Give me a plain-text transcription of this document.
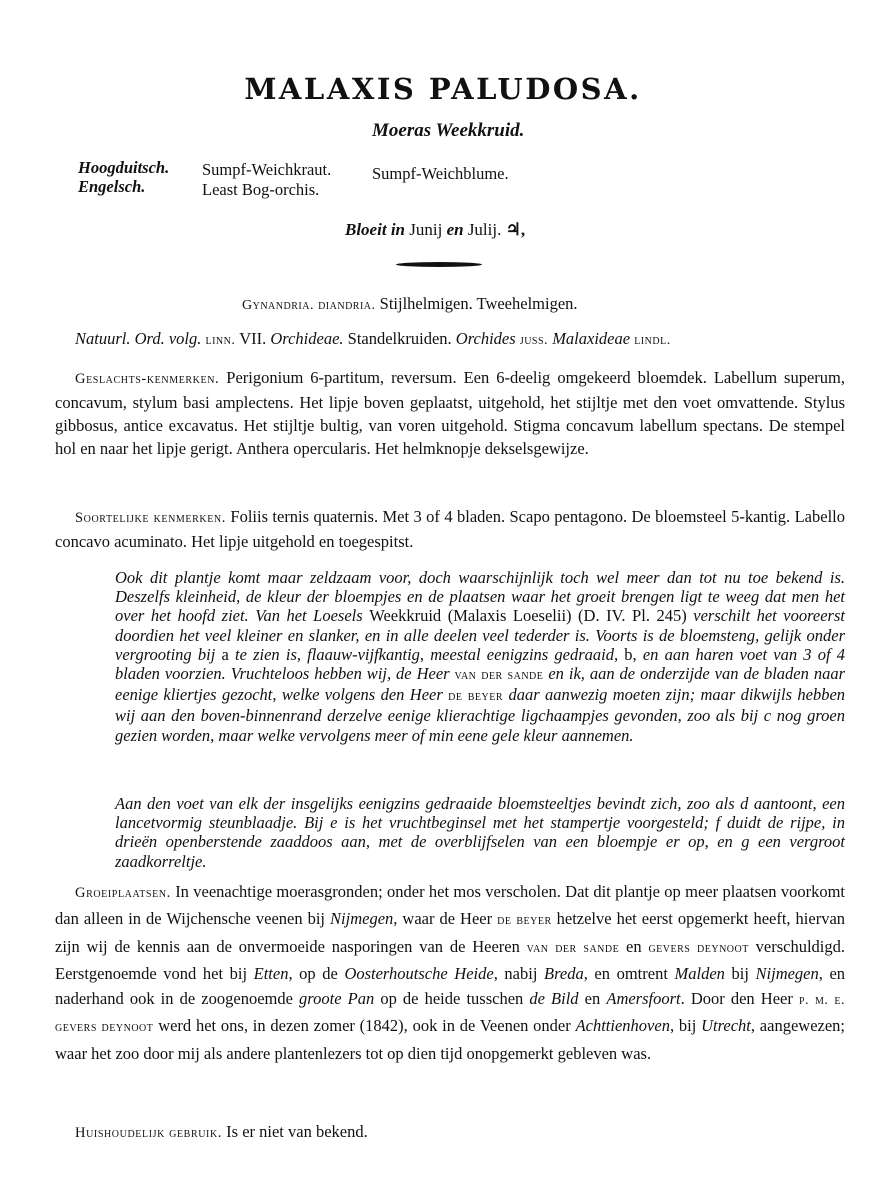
MALAXIS PALUDOSA.
Moeras Weekkruid.
Hoogduitsch. Sumpf-Weichkraut. Sumpf-Weichblume.
Engelsch.	Least Bog-orchis.
Bloeit in Junij en Julij. ♃,
Gynandria. diandria. Stijlhelmigen. Tweehelmigen.
Natuurl. Ord. volg. linn. VII. Orchideae. Standelkruiden. Orchides juss. Malaxideae lindl.

Geslachts-kenmerken. Perigonium 6-partitum, reversum. Een 6-deelig omgekeerd bloemdek. Labellum superum, concavum, stylum basi amplectens. Het lipje boven geplaatst, uitgehold, het stijltje met den voet omvattende. Stylus gibbosus, antice excavatus. Het stijltje bultig, van voren uitgehold. Stigma concavum labellum spectans. De stempel hol en naar het lipje gerigt. Anthera opercularis. Het helmknopje dekselsgewijze.

Soortelijke kenmerken. Foliis ternis quaternis. Met 3 of 4 bladen. Scapo pentagono. De bloemsteel 5-kantig. Labello concavo acuminato. Het lipje uitgehold en toegespitst.

Ook dit plantje komt maar zeldzaam voor, doch waarschijnlijk toch wel meer dan tot nu toe bekend is. Deszelfs kleinheid, de kleur der bloempjes en de plaatsen waar het groeit brengen ligt te weeg dat men het over het hoofd ziet. Van het Loesels Weekkruid (Malaxis Loeselii) (D. IV. Pl. 245) verschilt het vooreerst doordien het veel kleiner en slanker, en in alle deelen veel tederder is. Voorts is de bloemsteng, gelijk onder vergrooting bij a te zien is, flaauw-vijfkantig, meestal eenigzins gedraaid, b, en aan haren voet van 3 of 4 bladen voorzien. Vruchteloos hebben wij, de Heer van der sande en ik, aan de onderzijde van de bladen naar eenige kliertjes gezocht, welke volgens den Heer de beyer daar aanwezig moeten zijn; maar dikwijls hebben wij aan den boven-binnenrand derzelve eenige klierachtige ligchaampjes gevonden, zoo als bij c nog groen gezien worden, maar welke vervolgens meer of min eene gele kleur aannemen.

Aan den voet van elk der insgelijks eenigzins gedraaide bloemsteeltjes bevindt zich, zoo als d aantoont, een lancetvormig steunblaadje. Bij e is het vruchtbeginsel met het stampertje voorgesteld; f duidt de rijpe, in drieën openberstende zaaddoos aan, met de overblijfselen van een bloempje er op, en g een vergroot zaadkorreltje.

Groeiplaatsen. In veenachtige moerasgronden; onder het mos verscholen. Dat dit plantje op meer plaatsen voorkomt dan alleen in de Wijchensche veenen bij Nijmegen, waar de Heer de beyer hetzelve het eerst opgemerkt heeft, hiervan zijn wij de kennis aan de onvermoeide nasporingen van de Heeren van der sande en gevers deynoot verschuldigd. Eerstgenoemde vond het bij Etten, op de Oosterhoutsche Heide, nabij Breda, en omtrent Malden bij Nijmegen, en naderhand ook in de zoogenoemde groote Pan op de heide tusschen de Bild en Amersfoort. Door den Heer p. m. e. gevers deynoot werd het ons, in dezen zomer (1842), ook in de Veenen onder Achttienhoven, bij Utrecht, aangewezen; waar het zoo door mij als andere plantenlezers tot op dien tijd onopgemerkt gebleven was.

Huishoudelijk gebruik. Is er niet van bekend.
